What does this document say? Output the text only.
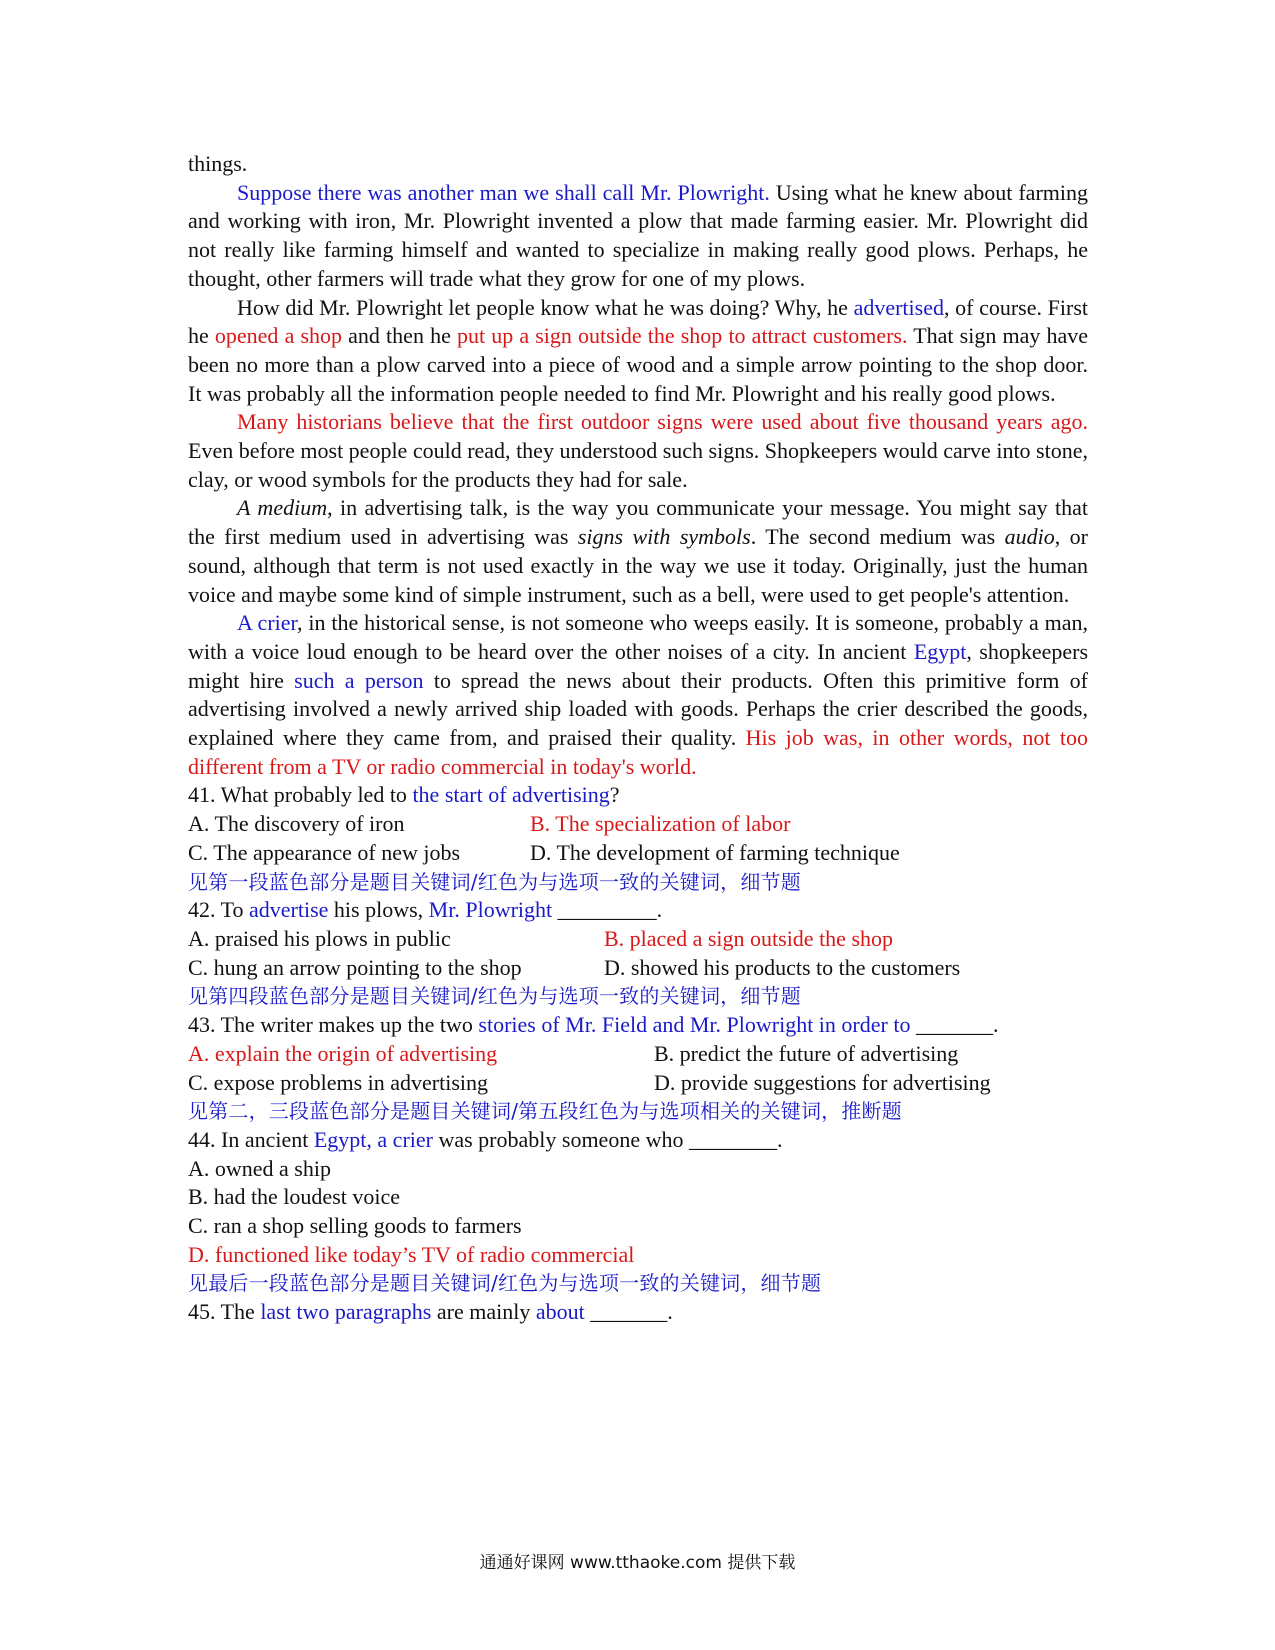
things.

Suppose there was another man we shall call Mr. Plowright. Using what he knew about farming and working with iron, Mr. Plowright invented a plow that made farming easier. Mr. Plowright did not really like farming himself and wanted to specialize in making really good plows. Perhaps, he thought, other farmers will trade what they grow for one of my plows.

How did Mr. Plowright let people know what he was doing? Why, he advertised, of course. First he opened a shop and then he put up a sign outside the shop to attract customers. That sign may have been no more than a plow carved into a piece of wood and a simple arrow pointing to the shop door. It was probably all the information people needed to find Mr. Plowright and his really good plows.

Many historians believe that the first outdoor signs were used about five thousand years ago. Even before most people could read, they understood such signs. Shopkeepers would carve into stone, clay, or wood symbols for the products they had for sale.

A medium, in advertising talk, is the way you communicate your message. You might say that the first medium used in advertising was signs with symbols. The second medium was audio, or sound, although that term is not used exactly in the way we use it today. Originally, just the human voice and maybe some kind of simple instrument, such as a bell, were used to get people's attention.

A crier, in the historical sense, is not someone who weeps easily. It is someone, probably a man, with a voice loud enough to be heard over the other noises of a city. In ancient Egypt, shopkeepers might hire such a person to spread the news about their products. Often this primitive form of advertising involved a newly arrived ship loaded with goods. Perhaps the crier described the goods, explained where they came from, and praised their quality. His job was, in other words, not too different from a TV or radio commercial in today's world.

41. What probably led to the start of advertising?
A. The discovery of iron	B. The specialization of labor
C. The appearance of new jobs	D. The development of farming technique
见第一段蓝色部分是题目关键词/红色为与选项一致的关键词，细节题
42. To advertise his plows, Mr. Plowright _________.
A. praised his plows in public	B. placed a sign outside the shop
C. hung an arrow pointing to the shop	D. showed his products to the customers
见第四段蓝色部分是题目关键词/红色为与选项一致的关键词，细节题

43. The writer makes up the two stories of Mr. Field and Mr. Plowright in order to _______.

A. explain the origin of advertising	B. predict the future of advertising
C. expose problems in advertising	D. provide suggestions for advertising
见第二，三段蓝色部分是题目关键词/第五段红色为与选项相关的关键词，推断题
44. In ancient Egypt, a crier was probably someone who ________.
A. owned a ship
B. had the loudest voice
C. ran a shop selling goods to farmers
D. functioned like today’s TV of radio commercial
见最后一段蓝色部分是题目关键词/红色为与选项一致的关键词，细节题
45. The last two paragraphs are mainly about _______.
通通好课网 www.tthaoke.com 提供下载
